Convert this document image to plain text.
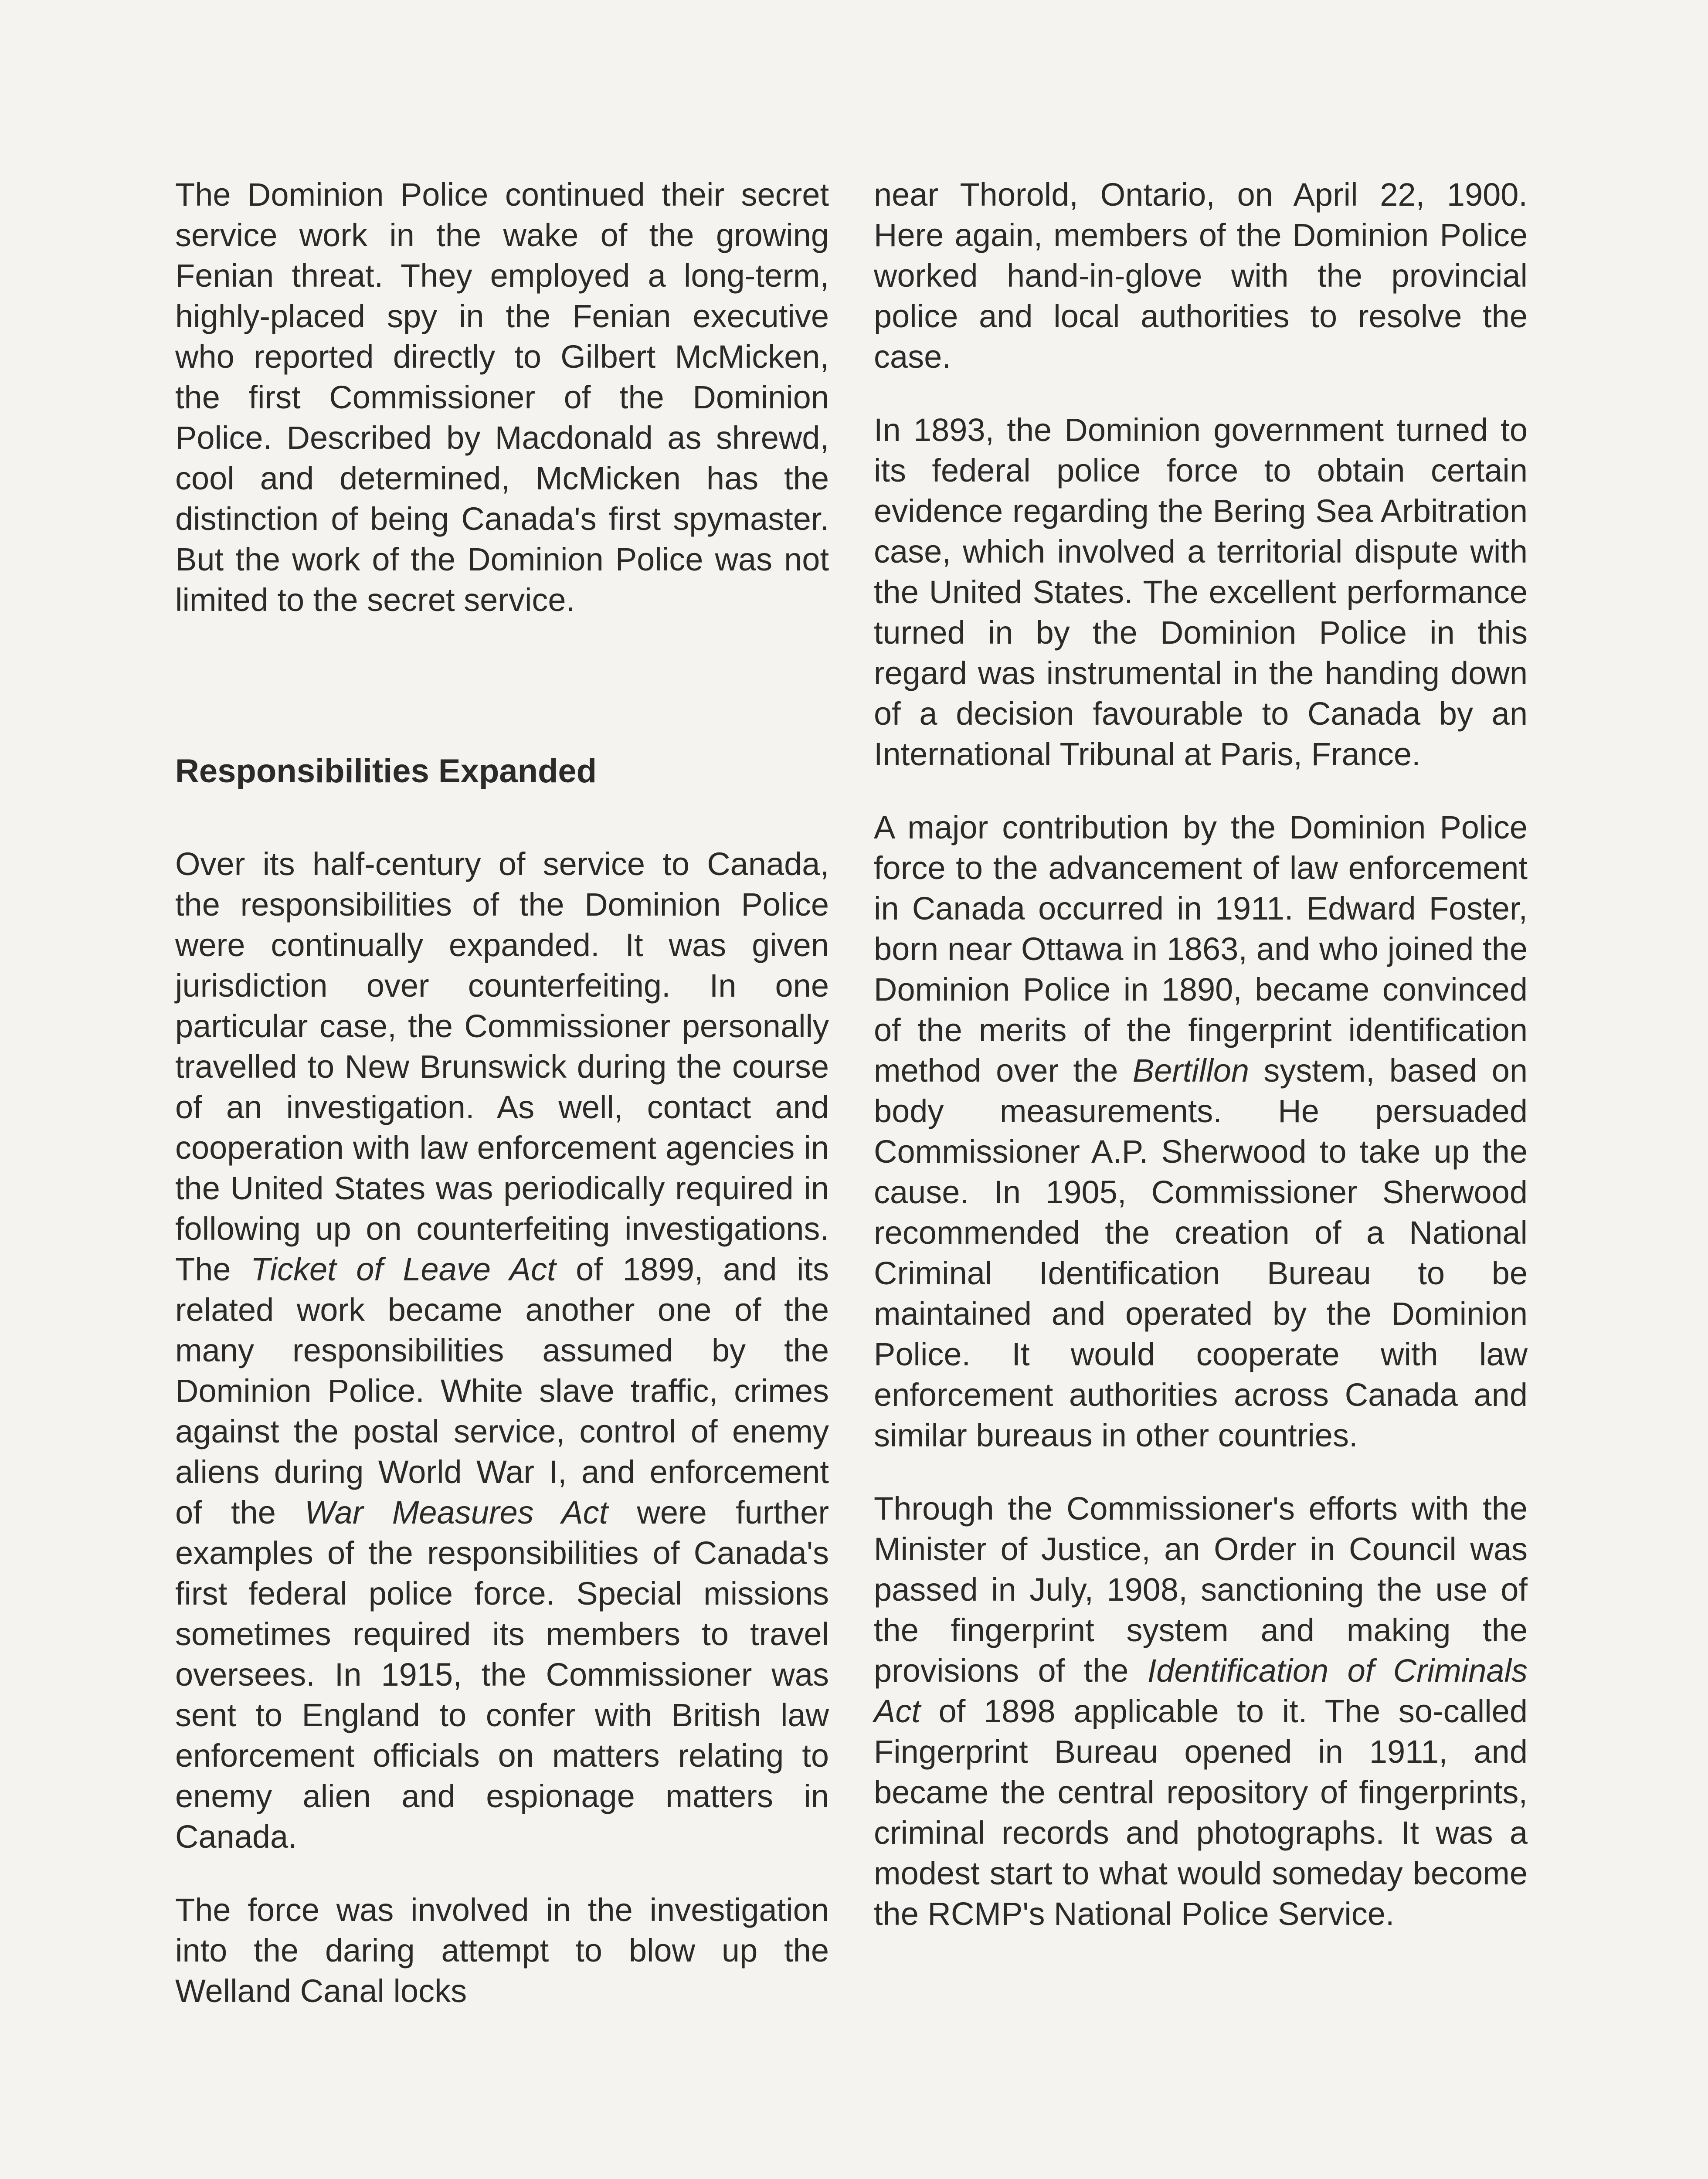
The Dominion Police continued their secret service work in the wake of the growing Fenian threat. They employed a long-term, highly-placed spy in the Fenian executive who reported directly to Gilbert McMicken, the first Commissioner of the Dominion Police. Described by Macdonald as shrewd, cool and determined, McMicken has the distinction of being Canada's first spymaster. But the work of the Dominion Police was not limited to the secret service.

Responsibilities Expanded

Over its half-century of service to Canada, the responsibilities of the Dominion Police were continually expanded. It was given jurisdiction over counterfeiting. In one particular case, the Commissioner personally travelled to New Brunswick during the course of an investigation. As well, contact and cooperation with law enforcement agencies in the United States was periodically required in following up on counterfeiting investigations. The Ticket of Leave Act of 1899, and its related work became another one of the many responsibilities assumed by the Dominion Police. White slave traffic, crimes against the postal service, control of enemy aliens during World War I, and enforcement of the War Measures Act were further examples of the responsibilities of Canada's first federal police force. Special missions sometimes required its members to travel oversees. In 1915, the Commissioner was sent to England to confer with British law enforcement officials on matters relating to enemy alien and espionage matters in Canada.

The force was involved in the investigation into the daring attempt to blow up the Welland Canal locks

near Thorold, Ontario, on April 22, 1900. Here again, members of the Dominion Police worked hand-in-glove with the provincial police and local authorities to resolve the case.

In 1893, the Dominion government turned to its federal police force to obtain certain evidence regarding the Bering Sea Arbitration case, which involved a territorial dispute with the United States. The excellent performance turned in by the Dominion Police in this regard was instrumental in the handing down of a decision favourable to Canada by an International Tribunal at Paris, France.

A major contribution by the Dominion Police force to the advancement of law enforcement in Canada occurred in 1911. Edward Foster, born near Ottawa in 1863, and who joined the Dominion Police in 1890, became convinced of the merits of the fingerprint identification method over the Bertillon system, based on body measurements. He persuaded Commissioner A.P. Sherwood to take up the cause. In 1905, Commissioner Sherwood recommended the creation of a National Criminal Identification Bureau to be maintained and operated by the Dominion Police. It would cooperate with law enforcement authorities across Canada and similar bureaus in other countries.

Through the Commissioner's efforts with the Minister of Justice, an Order in Council was passed in July, 1908, sanctioning the use of the fingerprint system and making the provisions of the Identification of Criminals Act of 1898 applicable to it. The so-called Fingerprint Bureau opened in 1911, and became the central repository of fingerprints, criminal records and photographs. It was a modest start to what would someday become the RCMP's National Police Service.
